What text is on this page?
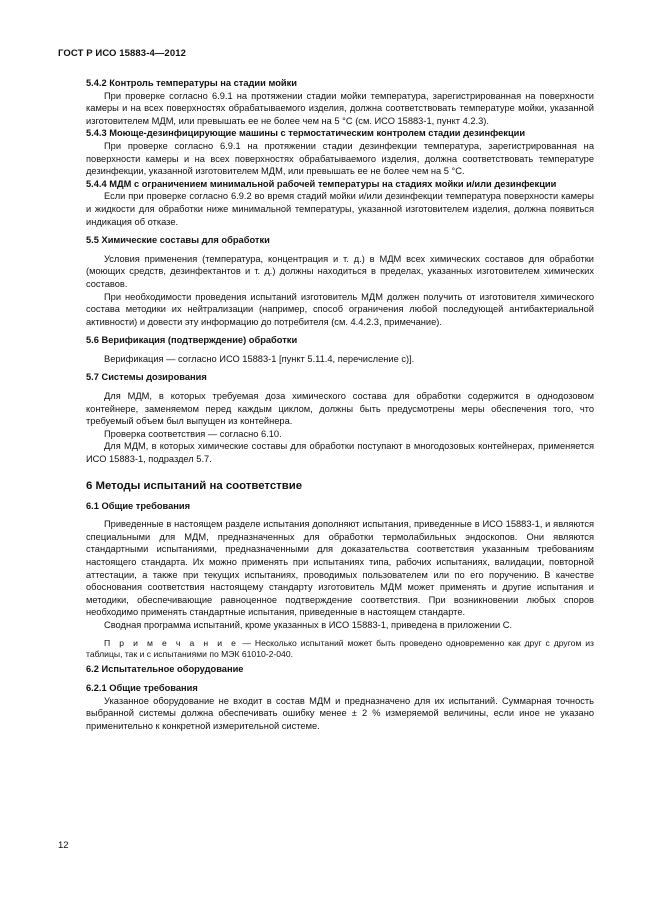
ГОСТ Р ИСО 15883-4—2012

5.4.2 Контроль температуры на стадии мойки

При проверке согласно 6.9.1 на протяжении стадии мойки температура, зарегистрированная на поверхности камеры и на всех поверхностях обрабатываемого изделия, должна соответствовать температуре мойки, указанной изготовителем МДМ, или превышать ее не более чем на 5 °С (см. ИСО 15883-1, пункт 4.2.3).

5.4.3 Моюще-дезинфицирующие машины с термостатическим контролем стадии дезинфекции

При проверке согласно 6.9.1 на протяжении стадии дезинфекции температура, зарегистрированная на поверхности камеры и на всех поверхностях обрабатываемого изделия, должна соответствовать температуре дезинфекции, указанной изготовителем МДМ, или превышать ее не более чем на 5 °С.

5.4.4 МДМ с ограничением минимальной рабочей температуры на стадиях мойки и/или дезинфекции

Если при проверке согласно 6.9.2 во время стадий мойки и/или дезинфекции температура поверхности камеры и жидкости для обработки ниже минимальной температуры, указанной изготовителем изделия, должна появиться индикация об отказе.

5.5 Химические составы для обработки

Условия применения (температура, концентрация и т. д.) в МДМ всех химических составов для обработки (моющих средств, дезинфектантов и т. д.) должны находиться в пределах, указанных изготовителем химических составов.

При необходимости проведения испытаний изготовитель МДМ должен получить от изготовителя химического состава методики их нейтрализации (например, способ ограничения любой последующей антибактериальной активности) и довести эту информацию до потребителя (см. 4.4.2.3, примечание).

5.6 Верификация (подтверждение) обработки

Верификация — согласно ИСО 15883-1 [пункт 5.11.4, перечисление с)].

5.7 Системы дозирования

Для МДМ, в которых требуемая доза химического состава для обработки содержится в однодозовом контейнере, заменяемом перед каждым циклом, должны быть предусмотрены меры обеспечения того, что требуемый объем был выпущен из контейнера.

Проверка соответствия — согласно 6.10.

Для МДМ, в которых химические составы для обработки поступают в многодозовых контейнерах, применяется ИСО 15883-1, подраздел 5.7.

6 Методы испытаний на соответствие

6.1 Общие требования

Приведенные в настоящем разделе испытания дополняют испытания, приведенные в ИСО 15883-1, и являются специальными для МДМ, предназначенных для обработки термолабильных эндоскопов. Они являются стандартными испытаниями, предназначенными для доказательства соответствия указанным требованиям настоящего стандарта. Их можно применять при испытаниях типа, рабочих испытаниях, валидации, повторной аттестации, а также при текущих испытаниях, проводимых пользователем или по его поручению. В качестве обоснования соответствия настоящему стандарту изготовитель МДМ может применять и другие испытания и методики, обеспечивающие равноценное подтверждение соответствия. При возникновении любых споров необходимо применять стандартные испытания, приведенные в настоящем стандарте.

Сводная программа испытаний, кроме указанных в ИСО 15883-1, приведена в приложении С.

П р и м е ч а н и е — Несколько испытаний может быть проведено одновременно как друг с другом из таблицы, так и с испытаниями по МЭК 61010-2-040.

6.2 Испытательное оборудование

6.2.1 Общие требования

Указанное оборудование не входит в состав МДМ и предназначено для их испытаний. Суммарная точность выбранной системы должна обеспечивать ошибку менее ± 2 % измеряемой величины, если иное не указано применительно к конкретной измерительной системе.

12
